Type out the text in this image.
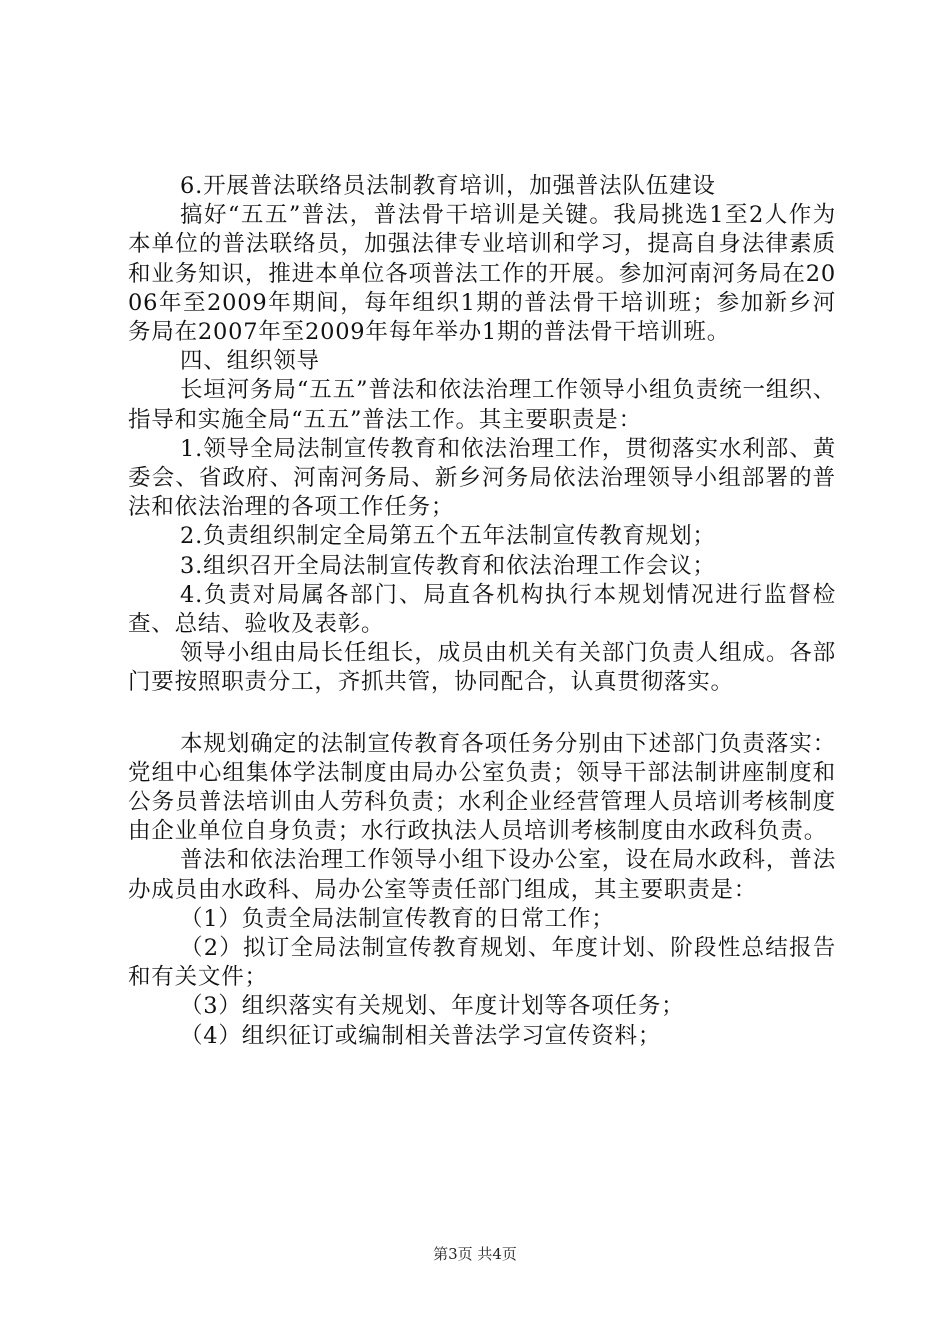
6.开展普法联络员法制教育培训，加强普法队伍建设

搞好“五五”普法，普法骨干培训是关键。我局挑选1至2人作为本单位的普法联络员，加强法律专业培训和学习，提高自身法律素质和业务知识，推进本单位各项普法工作的开展。参加河南河务局在2006年至2009年期间，每年组织1期的普法骨干培训班；参加新乡河务局在2007年至2009年每年举办1期的普法骨干培训班。

四、组织领导

长垣河务局“五五”普法和依法治理工作领导小组负责统一组织、指导和实施全局“五五”普法工作。其主要职责是：

1.领导全局法制宣传教育和依法治理工作，贯彻落实水利部、黄委会、省政府、河南河务局、新乡河务局依法治理领导小组部署的普法和依法治理的各项工作任务；

2.负责组织制定全局第五个五年法制宣传教育规划；

3.组织召开全局法制宣传教育和依法治理工作会议；

4.负责对局属各部门、局直各机构执行本规划情况进行监督检查、总结、验收及表彰。

领导小组由局长任组长，成员由机关有关部门负责人组成。各部门要按照职责分工，齐抓共管，协同配合，认真贯彻落实。

本规划确定的法制宣传教育各项任务分别由下述部门负责落实：党组中心组集体学法制度由局办公室负责；领导干部法制讲座制度和公务员普法培训由人劳科负责；水利企业经营管理人员培训考核制度由企业单位自身负责；水行政执法人员培训考核制度由水政科负责。

普法和依法治理工作领导小组下设办公室，设在局水政科，普法办成员由水政科、局办公室等责任部门组成，其主要职责是：

（1）负责全局法制宣传教育的日常工作；

（2）拟订全局法制宣传教育规划、年度计划、阶段性总结报告和有关文件；

（3）组织落实有关规划、年度计划等各项任务；

（4）组织征订或编制相关普法学习宣传资料；

第3页 共4页
